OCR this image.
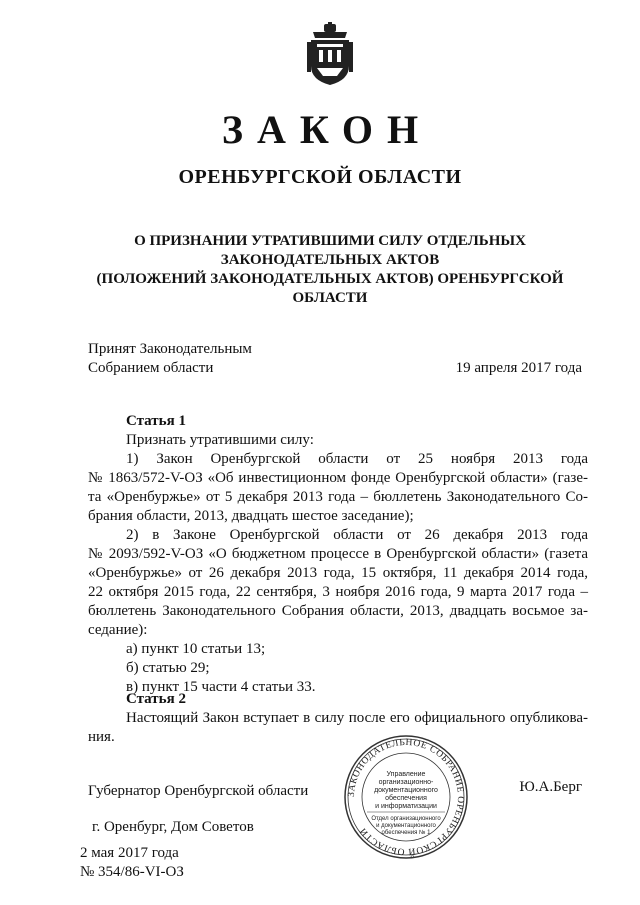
ЗАКОН
ОРЕНБУРГСКОЙ ОБЛАСТИ
О ПРИЗНАНИИ УТРАТИВШИМИ СИЛУ ОТДЕЛЬНЫХ
ЗАКОНОДАТЕЛЬНЫХ АКТОВ
(ПОЛОЖЕНИЙ ЗАКОНОДАТЕЛЬНЫХ АКТОВ) ОРЕНБУРГСКОЙ
ОБЛАСТИ
Принят Законодательным
Собранием области	19 апреля 2017 года
Статья 1
Признать утратившими силу:
1) Закон Оренбургской области от 25 ноября 2013 года
№ 1863/572-V-ОЗ «Об инвестиционном фонде Оренбургской области» (газе-
та «Оренбуржье» от 5 декабря 2013 года – бюллетень Законодательного Со-
брания области, 2013, двадцать шестое заседание);
2) в Законе Оренбургской области от 26 декабря 2013 года
№ 2093/592-V-ОЗ «О бюджетном процессе в Оренбургской области» (газета
«Оренбуржье» от 26 декабря 2013 года, 15 октября, 11 декабря 2014 года,
22 октября 2015 года, 22 сентября, 3 ноября 2016 года, 9 марта 2017 года –
бюллетень Законодательного Собрания области, 2013, двадцать восьмое за-
седание):
а) пункт 10 статьи 13;
б) статью 29;
в) пункт 15 части 4 статьи 33.
Статья 2
Настоящий Закон вступает в силу после его официального опубликова-
ния.
Губернатор Оренбургской области	Ю.А.Берг
г. Оренбург, Дом Советов
2 мая 2017 года
№ 354/86-VI-ОЗ
ЗАКОНОДАТЕЛЬНОЕ СОБРАНИЕ ОРЕНБУРГСКОЙ ОБЛАСТИ
Управление
организационно-
документационного
обеспечения
и информатизации
Отдел организационного
и документационного
обеспечения № 1
